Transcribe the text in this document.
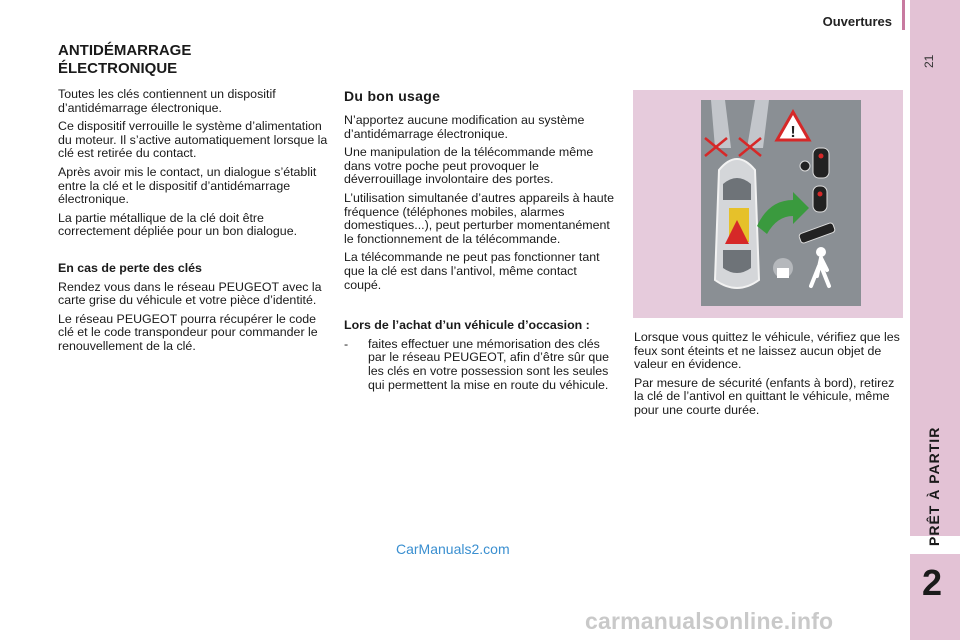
Ouvertures
21
PRÊT À PARTIR
2
ANTIDÉMARRAGE
ÉLECTRONIQUE

Toutes les clés contiennent un dispositif d’antidémarrage électronique.

Ce dispositif verrouille le système d’alimentation du moteur. Il s’active automatiquement lorsque la clé est retirée du contact.

Après avoir mis le contact, un dialogue s’établit entre la clé et le dispositif d’antidémarrage électronique.

La partie métallique de la clé doit être correctement dépliée pour un bon dialogue.

En cas de perte des clés

Rendez vous dans le réseau PEUGEOT avec la carte grise du véhicule et votre pièce d’identité.

Le réseau PEUGEOT pourra récupérer le code clé et le code transpondeur pour commander le renouvellement de la clé.

Du bon usage

N’apportez aucune modification au système d’antidémarrage électronique.

Une manipulation de la télécommande même dans votre poche peut provoquer le déverrouillage involontaire des portes.

L’utilisation simultanée d’autres appareils à haute fréquence (téléphones mobiles, alarmes domestiques...), peut perturber momentanément le fonctionnement de la télécommande.

La télécommande ne peut pas fonctionner tant que la clé est dans l’antivol, même contact coupé.

Lors de l’achat d’un véhicule d’occasion :

-	faites effectuer une mémorisation des clés par le réseau PEUGEOT, afin d’être sûr que les clés en votre possession sont les seules qui permettent la mise en route du véhicule.
!

Lorsque vous quittez le véhicule, vérifiez que les feux sont éteints et ne laissez aucun objet de valeur en évidence.

Par mesure de sécurité (enfants à bord), retirez la clé de l’antivol en quittant le véhicule, même pour une courte durée.

CarManuals2.com
carmanualsonline.info
